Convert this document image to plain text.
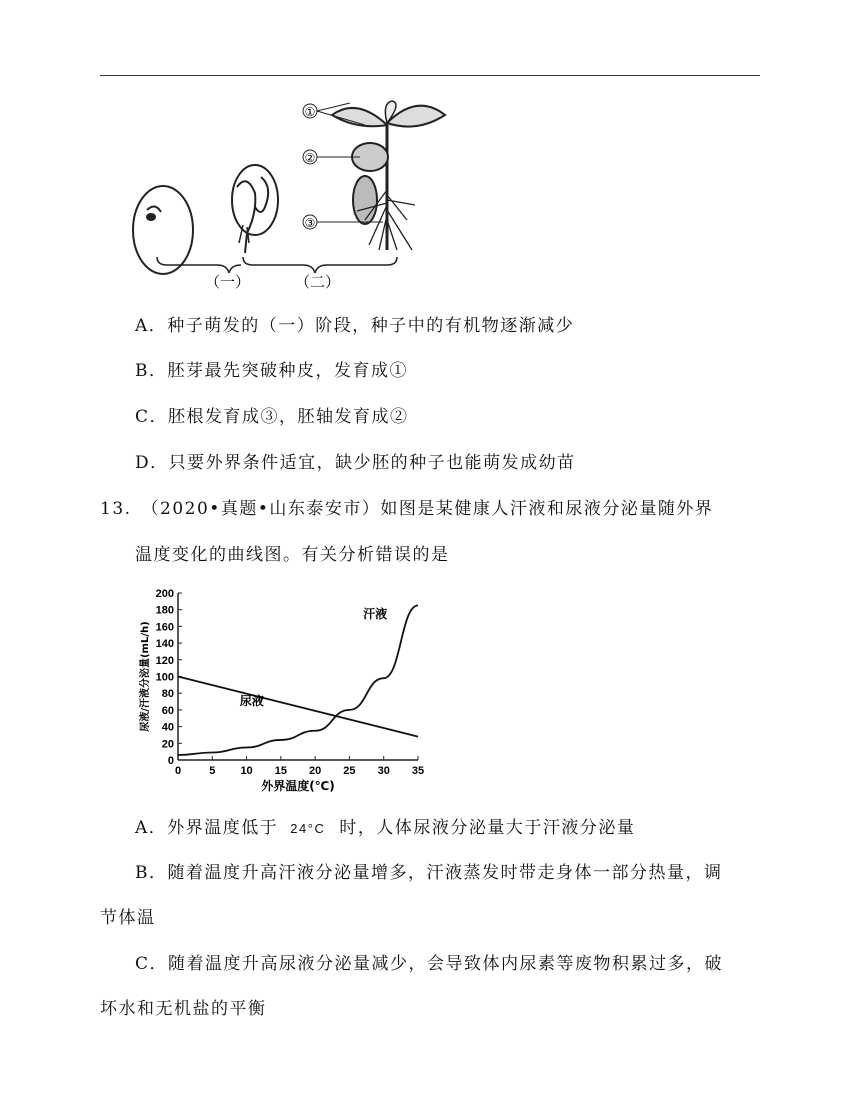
①
②
③
（一）	（二）
A．种子萌发的（一）阶段，种子中的有机物逐渐减少
B．胚芽最先突破种皮，发育成①
C．胚根发育成③，胚轴发育成②
D．只要外界条件适宜，缺少胚的种子也能萌发成幼苗
13. （2020•真题•山东泰安市）如图是某健康人汗液和尿液分泌量随外界
温度变化的曲线图。有关分析错误的是
0
20
40
60
80
100
120
140
160
180
200
0	5 10 15 20 25 30 35
外界温度(℃)
尿液/汗液分泌量(mL/h)	尿液
汗液
A．外界温度低于 24°C 时，人体尿液分泌量大于汗液分泌量
B．随着温度升高汗液分泌量增多，汗液蒸发时带走身体一部分热量，调
节体温
C．随着温度升高尿液分泌量减少，会导致体内尿素等废物积累过多，破
坏水和无机盐的平衡
